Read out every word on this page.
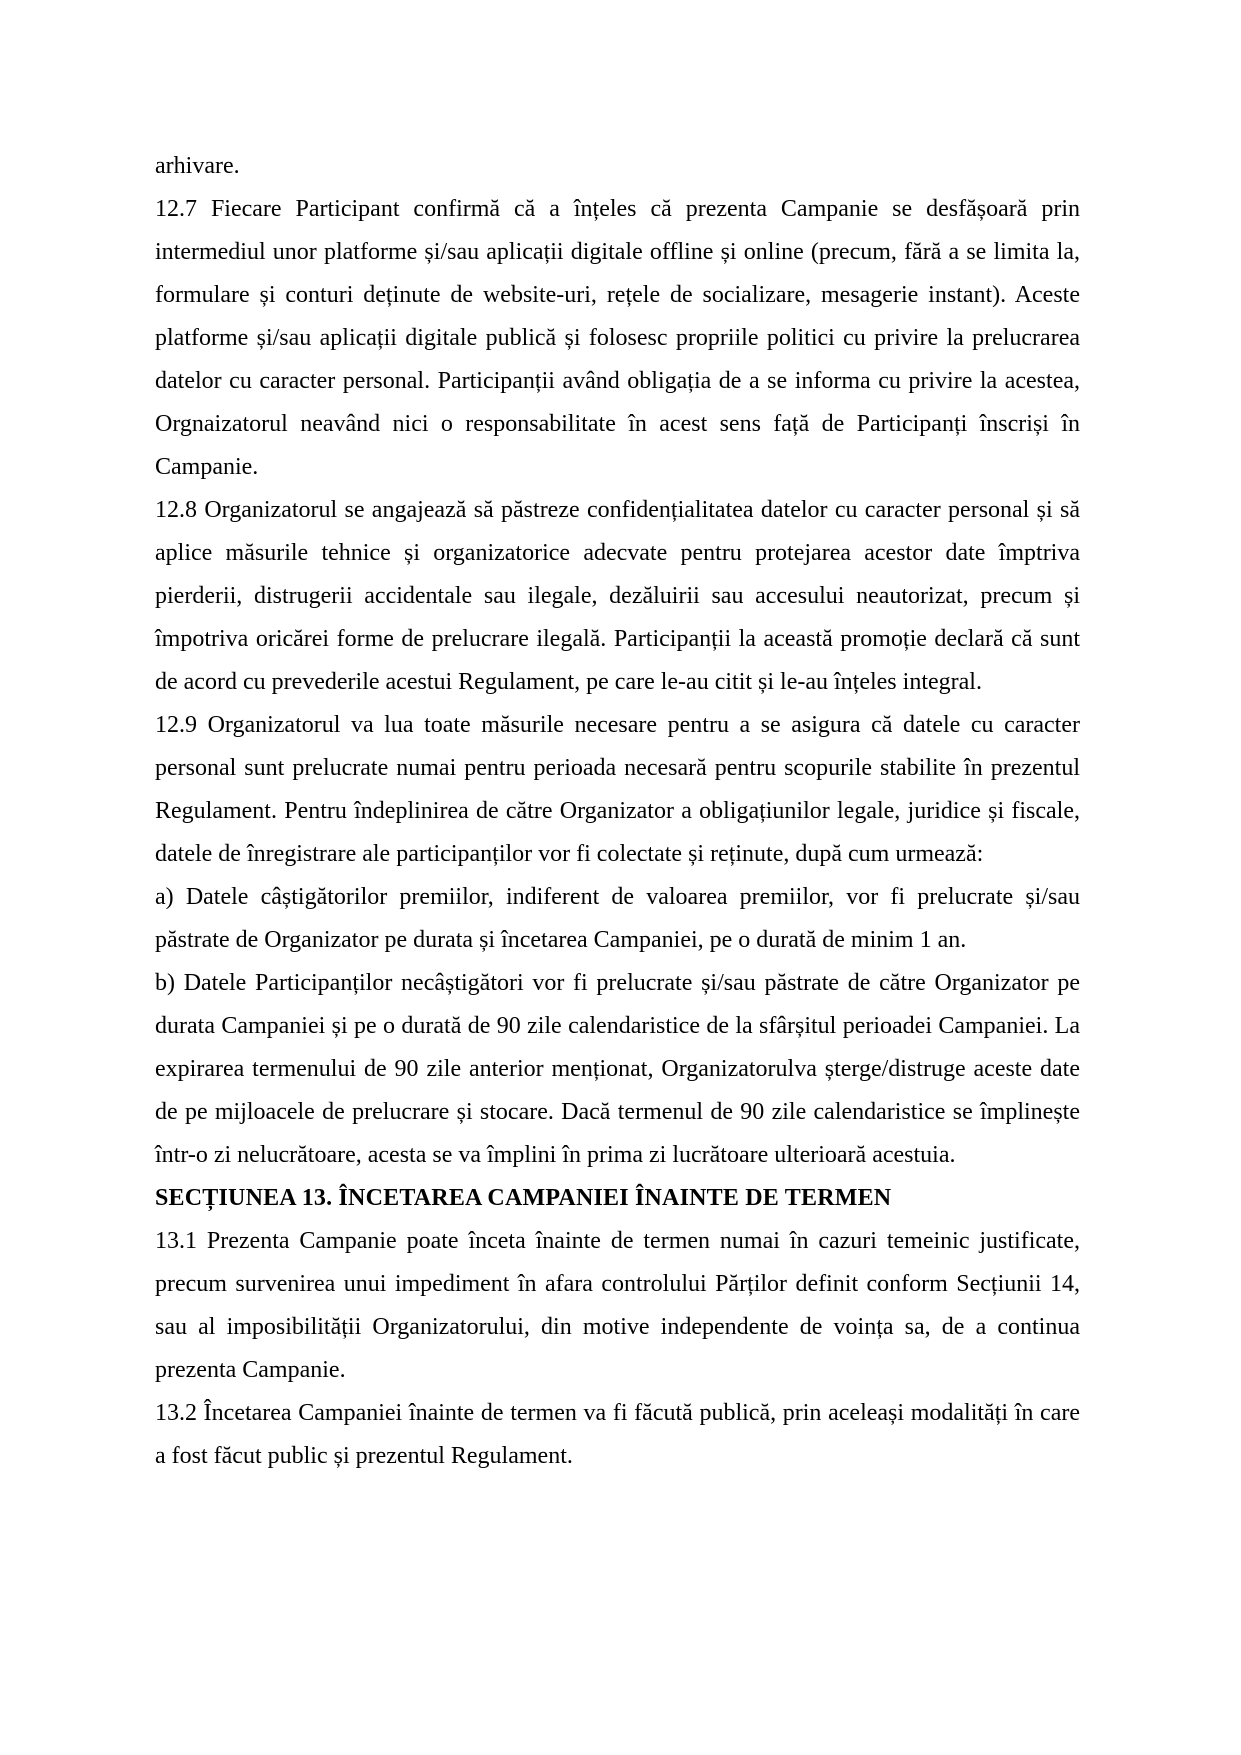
arhivare.

12.7 Fiecare Participant confirmă că a înțeles că prezenta Campanie se desfășoară prin intermediul unor platforme și/sau aplicații digitale offline și online (precum, fără a se limita la, formulare și conturi deținute de website-uri, rețele de socializare, mesagerie instant). Aceste platforme și/sau aplicații digitale publică și folosesc propriile politici cu privire la prelucrarea datelor cu caracter personal. Participanții având obligația de a se informa cu privire la acestea, Orgnaizatorul neavând nici o responsabilitate în acest sens față de Participanți înscriși în Campanie.

12.8 Organizatorul se angajează să păstreze confidențialitatea datelor cu caracter personal și să aplice măsurile tehnice și organizatorice adecvate pentru protejarea acestor date împtriva pierderii, distrugerii accidentale sau ilegale, dezăluirii sau accesului neautorizat, precum și împotriva oricărei forme de prelucrare ilegală. Participanții la această promoție declară că sunt de acord cu prevederile acestui Regulament, pe care le-au citit și le-au înțeles integral.

12.9 Organizatorul va lua toate măsurile necesare pentru a se asigura că datele cu caracter personal sunt prelucrate numai pentru perioada necesară pentru scopurile stabilite în prezentul Regulament. Pentru îndeplinirea de către Organizator a obligațiunilor legale, juridice și fiscale, datele de înregistrare ale participanților vor fi colectate și reținute, după cum urmează:

a) Datele câștigătorilor premiilor, indiferent de valoarea premiilor, vor fi prelucrate și/sau păstrate de Organizator pe durata și încetarea Campaniei, pe o durată de minim 1 an.

b) Datele Participanților necâștigători vor fi prelucrate și/sau păstrate de către Organizator pe durata Campaniei și pe o durată de 90 zile calendaristice de la sfârșitul perioadei Campaniei. La expirarea termenului de 90 zile anterior menționat, Organizatorulva șterge/distruge aceste date de pe mijloacele de prelucrare și stocare. Dacă termenul de 90 zile calendaristice se împlinește într-o zi nelucrătoare, acesta se va împlini în prima zi lucrătoare ulterioară acestuia.

SECȚIUNEA 13. ÎNCETAREA CAMPANIEI ÎNAINTE DE TERMEN

13.1 Prezenta Campanie poate înceta înainte de termen numai în cazuri temeinic justificate, precum survenirea unui impediment în afara controlului Părților definit conform Secțiunii 14, sau al imposibilității Organizatorului, din motive independente de voința sa, de a continua prezenta Campanie.

13.2 Încetarea Campaniei înainte de termen va fi făcută publică, prin aceleași modalități în care a fost făcut public și prezentul Regulament.
